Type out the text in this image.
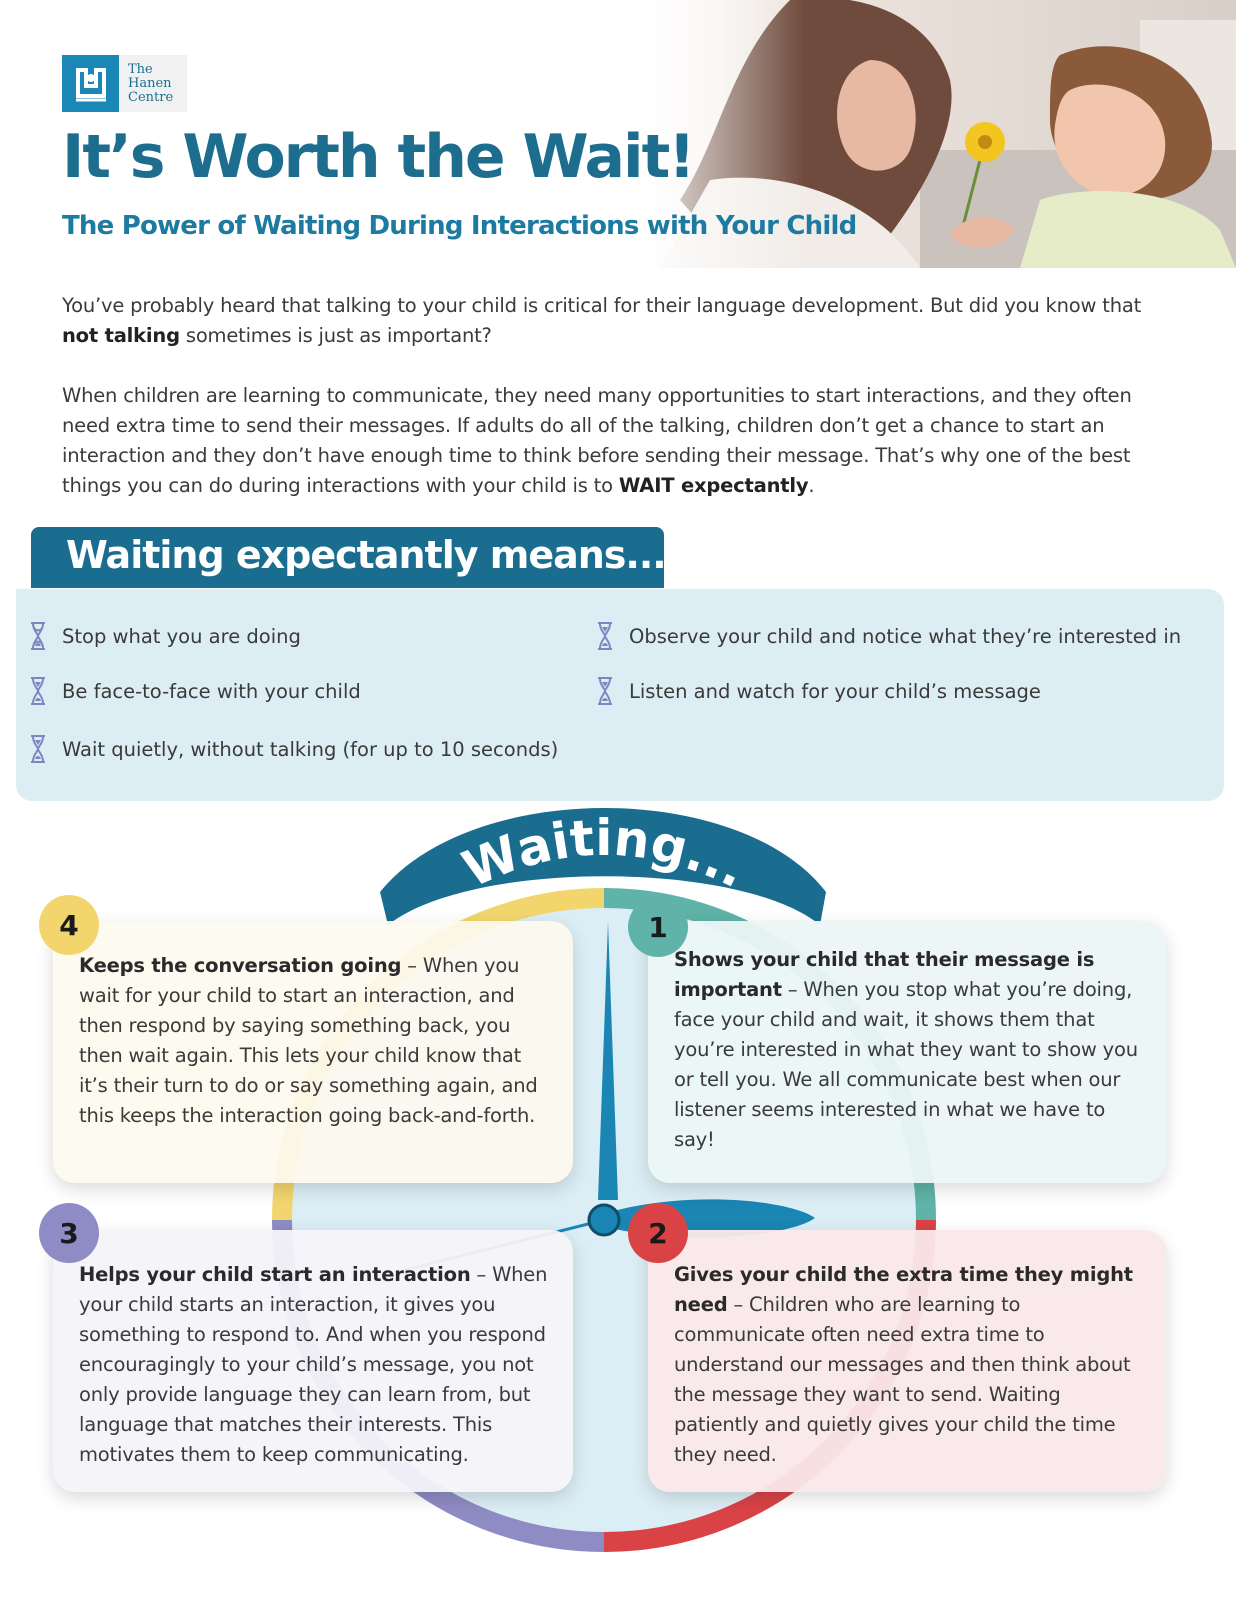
The
Hanen
Centre
It’s Worth the Wait!
The Power of Waiting During Interactions with Your Child

You’ve probably heard that talking to your child is critical for their language development. But did you know that not talking sometimes is just as important?

When children are learning to communicate, they need many opportunities to start interactions, and they often need extra time to send their messages. If adults do all of the talking, children don’t get a chance to start an interaction and they don’t have enough time to think before sending their message. That’s why one of the best things you can do during interactions with your child is to WAIT expectantly.

Waiting expectantly means...
Stop what you are doing
Be face-to-face with your child
Wait quietly, without talking (for up to 10 seconds)
Observe your child and notice what they’re interested in
Listen and watch for your child’s message
Waiting...
Keeps the conversation going – When you wait for your child to start an interaction, and then respond by saying something back, you then wait again. This lets your child know that it’s their turn to do or say something again, and this keeps the interaction going back-and-forth.
4
Shows your child that their message is important – When you stop what you’re doing, face your child and wait, it shows them that you’re interested in what they want to show you or tell you. We all communicate best when our listener seems interested in what we have to say!
1
Helps your child start an interaction – When your child starts an interaction, it gives you something to respond to. And when you respond encouragingly to your child’s message, you not only provide language they can learn from, but language that matches their interests. This motivates them to keep communicating.
3
Gives your child the extra time they might need – Children who are learning to communicate often need extra time to understand our messages and then think about the message they want to send. Waiting patiently and quietly gives your child the time they need.
2
